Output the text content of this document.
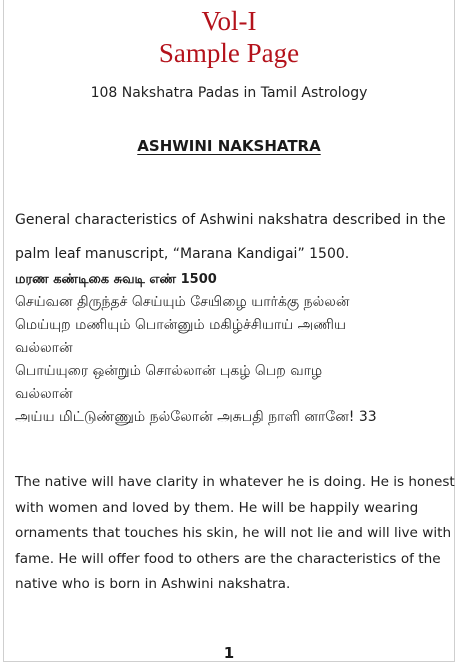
Vol-I
Sample Page
108 Nakshatra Padas in Tamil Astrology
ASHWINI NAKSHATRA
General characteristics of Ashwini nakshatra described in the
palm leaf manuscript, “Marana Kandigai” 1500.
மரண கண்டிகை சுவடி எண் 1500
செய்வன திருந்தச் செய்யும் சேயிழை யார்க்கு நல்லன்
மெய்யுற மணியும் பொன்னும் மகிழ்ச்சியாய் அணிய
வல்லான்
பொய்யுரை ஒன்றும் சொல்லான் புகழ் பெற வாழ
வல்லான்
அய்ய மிட்டுண்ணும் நல்லோன் அசுபதி நாளி னானே! 33
The native will have clarity in whatever he is doing. He is honest
with women and loved by them. He will be happily wearing
ornaments that touches his skin, he will not lie and will live with
fame. He will offer food to others are the characteristics of the
native who is born in Ashwini nakshatra.
1
